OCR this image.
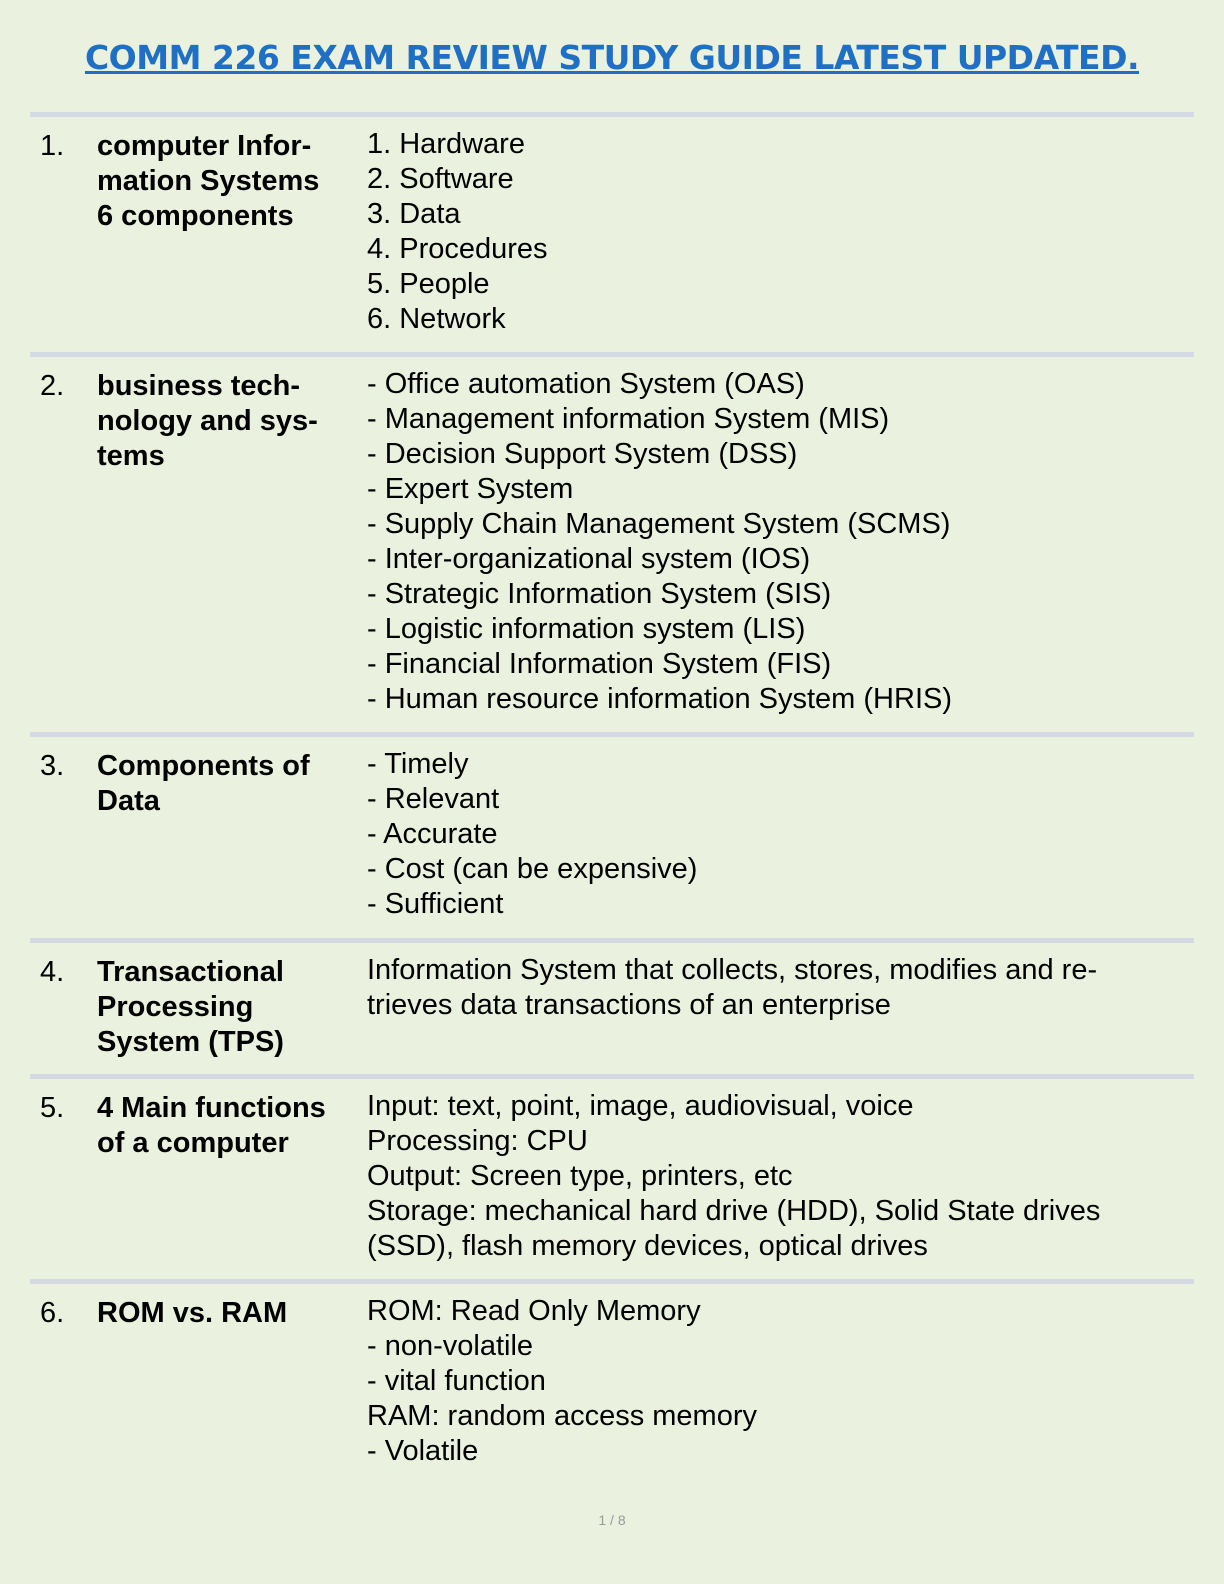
COMM 226 EXAM REVIEW STUDY GUIDE LATEST UPDATED.
1. computer Infor-
mation Systems
6 components
1. Hardware
2. Software
3. Data
4. Procedures
5. People
6. Network
2. business tech-
nology and sys-
tems
- Office automation System (OAS)
- Management information System (MIS)
- Decision Support System (DSS)
- Expert System
- Supply Chain Management System (SCMS)
- Inter-organizational system (IOS)
- Strategic Information System (SIS)
- Logistic information system (LIS)
- Financial Information System (FIS)
- Human resource information System (HRIS)
3. Components of
Data
- Timely
- Relevant
- Accurate
- Cost (can be expensive)
- Sufficient
4. Transactional
Processing
System (TPS)
Information System that collects, stores, modifies and re-
trieves data transactions of an enterprise
5. 4 Main functions
of a computer
Input: text, point, image, audiovisual, voice
Processing: CPU
Output: Screen type, printers, etc
Storage: mechanical hard drive (HDD), Solid State drives
(SSD), flash memory devices, optical drives
6. ROM vs. RAM	ROM: Read Only Memory
- non-volatile
- vital function
RAM: random access memory
- Volatile
1 / 8
